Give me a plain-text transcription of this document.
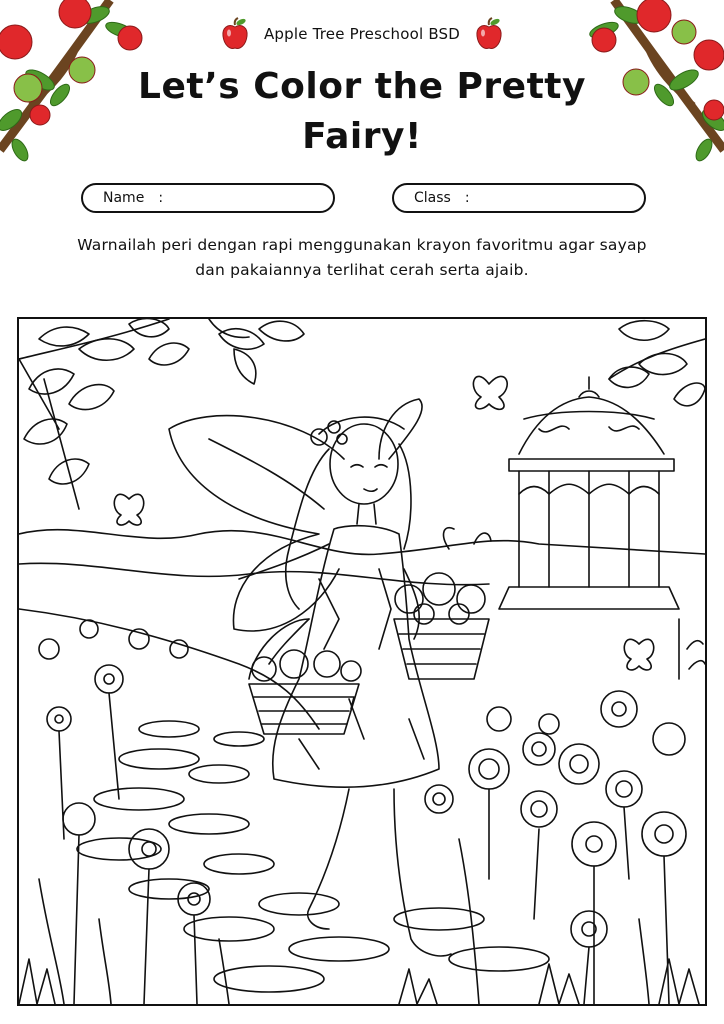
Apple Tree Preschool BSD
Let’s Color the Pretty Fairy!
Name :	Class :

Warnailah peri dengan rapi menggunakan krayon favoritmu agar sayap dan pakaiannya terlihat cerah serta ajaib.
